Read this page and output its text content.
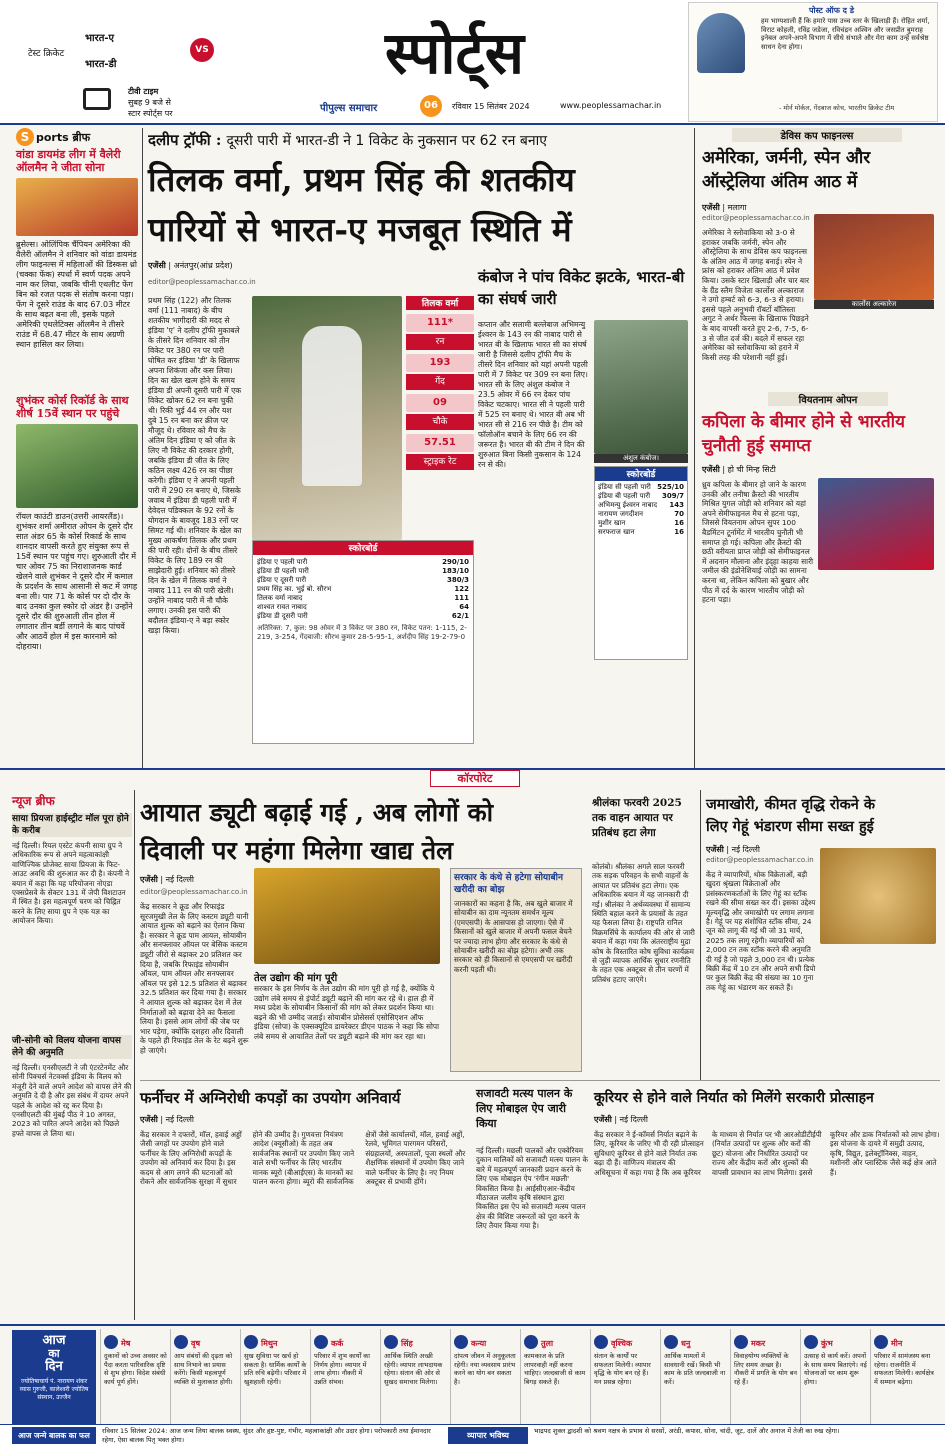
टेस्ट क्रिकेट
भारत-ए
भारत-डी
VS
टीवी टाइम
सुबह 9 बजे से
स्टार स्पोर्ट्स पर
स्पोर्ट्स
पीपुल्स समाचार	06	रविवार 15 सितंबर 2024	www.peoplessamachar.in
पोस्ट ऑफ द डे
हम भाग्यशाली हैं कि हमारे पास उच्च स्तर के खिलाड़ी हैं। रोहित शर्मा, विराट कोहली, रविंद्र जडेजा, रविचंद्रन अश्विन और जसप्रीत बुमराह इनेबल अपने-अपने विभाग में सीधे संभाले और मेरा काम उन्हें सर्वश्रेष्ठ साधन देना होगा।
- मोर्न मोर्कल, गेंदबाज कोच, भारतीय क्रिकेट टीम
S ports ब्रीफ
वांडा डायमंड लीग में वैलेरी ऑलमैन ने जीता सोना
ब्रुसेल्स। ओलिंपिक चैंपियन अमेरिका की वैलेरी ऑलमैन ने शनिवार को वांडा डायमंड लीग फाइनल्स में महिलाओं की डिस्कस थ्रो (चक्का फेंक) स्पर्धा में स्वर्ण पदक अपने नाम कर लिया, जबकि चीनी एथलीट फेंग बिन को रजत पदक से संतोष करना पड़ा। फेंग ने दूसरे राउंड के बाद 67.03 मीटर के साथ बढ़त बना ली, इसके पहले अमेरिकी एथलेटिक्स ऑलमैन ने तीसरे राउंड में 68.47 मीटर के साथ अग्रणी स्थान हासिल कर लिया।
शुभंकर कोर्स रिकॉर्ड के साथ शीर्ष 15वें स्थान पर पहुंचे
रॉयल काउंटी डाउन(उत्तरी आयरलैंड)। शुभंकर शर्मा अमीरात ओपन के दूसरे दौर सात अंडर 65 के कोर्स रिकार्ड के साथ शानदार वापसी करते हुए संयुक्त रूप से 15वें स्थान पर पहुंच गए। शुरुआती दौर में चार ओवर 75 का निराशाजनक कार्ड खेलने वाले शुभंकर ने दूसरे दौर में कमाल के प्रदर्शन के साथ आसानी से कट में जगह बना ली। पार 71 के कोर्स पर दो दौर के बाद उनका कुल स्कोर दो अंडर है। उन्होंने दूसरे दौर की शुरुआती तीन होल में लगातार तीन बर्डी लगाने के बाद पांचवें और आठवें होल में इस कारनामे को दोहराया।
दलीप ट्रॉफी : दूसरी पारी में भारत-डी ने 1 विकेट के नुकसान पर 62 रन बनाए
तिलक वर्मा, प्रथम सिंह की शतकीय
पारियों से भारत-ए मजबूत स्थिति में
एजेंसी | अनंतपुर(आंध्र प्रदेश)
editor@peoplessamachar.co.in
प्रथम सिंह (122) और तिलक वर्मा (111 नाबाद) के बीच शतकीय भागीदारी की मदद से इंडिया 'ए' ने दलीप ट्रॉफी मुकाबले के तीसरे दिन शनिवार को तीन विकेट पर 380 रन पर पारी घोषित कर इंडिया 'डी' के खिलाफ अपना शिकंजा और कस लिया। दिन का खेल खत्म होने के समय इंडिया डी अपनी दूसरी पारी में एक विकेट खोकर 62 रन बना चुकी थी। रिकी भुई 44 रन और यश दुबे 15 रन बना कर क्रीज पर मौजूद थे। रविवार को मैच के अंतिम दिन इंडिया ए को जीत के लिए नौ विकेट की दरकार होगी, जबकि इंडिया डी जीत के लिए कठिन लक्ष्य 426 रन का पीछा करेगी। इंडिया ए ने अपनी पहली पारी में 290 रन बनाए थे, जिसके जवाब में इंडिया डी पहली पारी में देवेदत्त पडिक्कल के 92 रनों के योगदान के बावजूद 183 रनों पर सिमट गई थी। शनिवार के खेल का मुख्य आकर्षण तिलक और प्रथम की पारी रही। दोनों के बीच तीसरे विकेट के लिए 189 रन की साझेदारी हुई। शनिवार को तीसरे दिन के खेल में तिलक वर्मा ने नाबाद 111 रन की पारी खेली। उन्होंने नाबाद पारी में नौ चौके लगाए। उनकी इस पारी की बदौलत इंडिया-ए ने बड़ा स्कोर खड़ा किया।
तिलक वर्मा
111*
रन
193
गेंद
09
चौके
57.51
स्ट्राइक रेट
स्कोरबोर्ड
इंडिया ए पहली पारी	290/10
इंडिया डी पहली पारी	183/10
इंडिया ए दूसरी पारी	380/3
प्रथम सिंह का. भुई बो. सौरभ	122
तिलक वर्मा नाबाद	111
शाश्वत रावत नाबाद	64
इंडिया डी दूसरी पारी	62/1
अतिरिक्त: 7, कुल: 98 ओवर में 3 विकेट पर 380 रन, विकेट पतन: 1-115, 2-219, 3-254, गेंदबाजी: सौरभ कुमार 28-5-95-1, अर्शदीप सिंह 19-2-79-0
कंबोज ने पांच विकेट झटके, भारत-बी का संघर्ष जारी
कप्तान और सलामी बल्लेबाज अभिमन्यु ईश्वरन के 143 रन की नाबाद पारी से भारत बी के खिलाफ भारत सी का संघर्ष जारी है जिससे दलीप ट्रॉफी मैच के तीसरे दिन शनिवार को यहां अपनी पहली पारी में 7 विकेट पर 309 रन बना लिए। भारत सी के लिए अंशुल कंबोज ने 23.5 ओवर में 66 रन देकर पांच विकेट चटकाए। भारत सी ने पहली पारी में 525 रन बनाए थे। भारत बी अब भी भारत सी से 216 रन पीछे है। टीम को फॉलोऑन बचाने के लिए 66 रन की जरूरत है। भारत बी की टीम ने दिन की शुरुआत बिना किसी नुकसान के 124 रन से की।
अंशुल कंबोज।
स्कोरबोर्ड
इंडिया सी पहली पारी 525/10
इंडिया बी पहली पारी 309/7
अभिमन्यु ईश्वरन नाबाद 143
नारायण जगदीशन	70
मुशीर खान	16
सरफराज खान	16
डेविस कप फाइनल्स
अमेरिका, जर्मनी, स्पेन और ऑस्ट्रेलिया अंतिम आठ में
एजेंसी | मलागा
editor@peoplessamachar.co.in
अमेरिका ने स्लोवाकिया को 3-0 से हराकर जबकि जर्मनी, स्पेन और ऑस्ट्रेलिया के साथ डेविस कप फाइनल्स के अंतिम आठ में जगह बनाई। स्पेन ने फ्रांस को हराकर अंतिम आठ में प्रवेश किया। उसके स्टार खिलाड़ी और चार बार के ग्रैंड स्लैम विजेता कार्लोस अल्काराज ने उगो हम्बर्ट को 6-3, 6-3 से हराया। इससे पहले अनुभवी रॉबर्टो बॉतिस्ता अगुट ने अर्थर फिल्स के खिलाफ पिछड़ने के बाद वापसी करते हुए 2-6, 7-5, 6-3 से जीत दर्ज की। बदले में सफल रहा अमेरिका को स्लोवाकिया को हराने में किसी तरह की परेशानी नहीं हुई।
कार्लोस अल्कारेज
वियतनाम ओपन
कपिला के बीमार होने से भारतीय चुनौती हुई समाप्त
एजेंसी | हो ची मिन्ह सिटी
ध्रुव कपिला के बीमार हो जाने के कारण उनकी और तनीषा क्रैस्टो की भारतीय मिश्रित युगल जोड़ी को शनिवार को यहां अपने सेमीफाइनल मैच से हटना पड़ा, जिससे वियतनाम ओपन सुपर 100 बैडमिंटन टूर्नामेंट में भारतीय चुनौती भी समाप्त हो गई। कपिला और क्रैस्टो की छठी वरीयता प्राप्त जोड़ी को सेमीफाइनल में अदनान मौलाना और इंद्हा काहया सारी जमील की इंडोनेशियाई जोड़ी का सामना करना था, लेकिन कपिला को बुखार और पीठ में दर्द के कारण भारतीय जोड़ी को हटना पड़ा।
कॉरपोरेट
न्यूज ब्रीफ
साया प्रियजा हाईस्ट्रीट मॉल पूरा होने के करीब
नई दिल्ली। रियल एस्टेट कंपनी साया ग्रुप ने अधिकारिक रूप से अपने महत्वाकांक्षी वाणिज्यिक प्रोजेक्ट साया प्रियजा के फिट-आउट अवधि की शुरुआत कर दी है। कंपनी ने बयान में कहा कि यह परियोजना नोएडा एक्सप्रेसवे के सेक्टर 131 में जेपी विशटाउन में स्थित है। इस महत्वपूर्ण चरण को चिह्नित करने के लिए साया ग्रुप ने एक यज्ञ का आयोजन किया।
जी-सोनी को विलय योजना वापस लेने की अनुमति
नई दिल्ली। एनसीएलटी ने जी एंटरटेनमेंट और सोनी पिक्चर्स नेटवर्क्स इंडिया के विलय को मंजूरी देने वाले अपने आदेश को वापस लेने की अनुमति दे दी है और इस संबंध में दायर अपने पहले के आदेश को रद्द कर दिया है। एनसीएलटी की मुंबई पीठ ने 10 अगस्त, 2023 को पारित अपने आदेश को पिछले हफ्ते वापस ले लिया था।
आयात ड्यूटी बढ़ाई गई , अब लोगों को
दिवाली पर महंगा मिलेगा खाद्य तेल
एजेंसी | नई दिल्ली
editor@peoplessamachar.co.in
केंद्र सरकार ने क्रूड और रिफाइंड सूरजमुखी तेल के लिए कस्टम ड्यूटी यानी आयात शुल्क को बढ़ाने का ऐलान किया है। सरकार ने क्रूड पाम आयल, सोयाबीन और सनफ्लावर ऑयल पर बेसिक कस्टम ड्यूटी जीरो से बढ़ाकर 20 प्रतिशत कर दिया है, जबकि रिफाइंड सोयाबीन ऑयल, पाम ऑयल और सनफ्लावर ऑयल पर इसे 12.5 प्रतिशत से बढ़ाकर 32.5 प्रतिशत कर दिया गया है। सरकार ने आयात शुल्क को बढ़ाकर देश में तेल निर्माताओं को बढ़ावा देने का फैसला लिया है। इससे आम लोगों की जेब पर भार पड़ेगा, क्योंकि दशहरा और दिवाली के पहले ही रिफाइंड तेल के रेट बढ़ने शुरू हो जाएंगे।
तेल उद्योग की मांग पूरी
सरकार के इस निर्णय के तेल उद्योग की मांग पूरी हो गई है, क्योंकि ये उद्योग लंबे समय से इंपोर्ट ड्यूटी बढ़ाने की मांग कर रहे थे। हाल ही में मध्य प्रदेश के सोयाबीन किसानों की मांग को लेकर प्रदर्शन किया था। बढ़ने की भी उम्मीद जताई। सोयाबीन प्रोसेसर्स एसोसिएशन ऑफ इंडिया (सोपा) के एक्सक्यूटिव डायरेक्टर डीएन पाठक ने कहा कि सोपा लंबे समय से आयातित तेलों पर ड्यूटी बढ़ाने की मांग कर रहा था।
सरकार के कंधे से हटेगा सोयाबीन खरीदी का बोझ
जानकारों का कहना है कि, अब खुले बाजार में सोयाबीन का दाम न्यूनतम समर्थन मूल्य (एमएसपी) के आसपास हो जाएगा। ऐसे में किसानों को खुले बाजार में अपनी फसल बेचने पर ज्यादा लाभ होगा और सरकार के कंधे से सोयाबीन खरीदी का बोझ हटेगा। अभी तक सरकार को ही किसानों से एमएसपी पर खरीदी करनी पड़ती थी।
श्रीलंका फरवरी 2025 तक वाहन आयात पर प्रतिबंध हटा लेगा
कोलंबो। श्रीलंका अगले साल फरवरी तक सड़क परिवहन के सभी वाहनों के आयात पर प्रतिबंध हटा लेगा। एक अधिकारिक बयान में यह जानकारी दी गई। श्रीलंका ने अर्थव्यवस्था में सामान्य स्थिति बहाल करने के प्रयासों के तहत यह फैसला लिया है। राष्ट्रपति रानिल विक्रमसिंघे के कार्यालय की ओर से जारी बयान में कहा गया कि अंतरराष्ट्रीय मुद्रा कोष के विस्तारित कोष सुविधा कार्यक्रम से जुड़ी व्यापक आर्थिक सुधार रणनीति के तहत एक अक्टूबर से तीन चरणों में प्रतिबंध हटाए जाएंगे।
जमाखोरी, कीमत वृद्धि रोकने के
लिए गेहूं भंडारण सीमा सख्त हुई
एजेंसी | नई दिल्ली
editor@peoplessamachar.co.in
केंद्र ने व्यापारियों, थोक विक्रेताओं, बड़ी खुदरा श्रृंखला विक्रेताओं और प्रसंस्करणकर्ताओं के लिए गेहूं का स्टॉक रखने की सीमा सख्त कर दी। इसका उद्देश्य मूल्यवृद्धि और जमाखोरी पर लगाम लगाना है। गेहूं पर यह संशोधित स्टॉक सीमा, 24 जून को लागू की गई थी जो 31 मार्च, 2025 तक लागू रहेगी। व्यापारियों को 2,000 टन तक स्टॉक करने की अनुमति दी गई है जो पहले 3,000 टन थी। प्रत्येक बिक्री केंद्र में 10 टन और अपने सभी डिपो पर कुल बिक्री केंद्र की संख्या का 10 गुना तक गेहूं का भंडारण कर सकते हैं।
फर्नीचर में अग्निरोधी कपड़ों का उपयोग अनिवार्य
एजेंसी | नई दिल्ली
केंद्र सरकार ने दफ्तरों, मॉल, हवाई अड्डों जैसी जगहों पर उपयोग होने वाले फर्नीचर के लिए अग्निरोधी कपड़ों के उपयोग को अनिवार्य कर दिया है। इस कदम से आग लगने की घटनाओं को रोकने और सार्वजनिक सुरक्षा में सुधार होने की उम्मीद है। गुणवत्ता नियंत्रण आदेश (क्यूसीओ) के तहत अब सार्वजनिक स्थानों पर उपयोग किए जाने वाले सभी फर्नीचर के लिए भारतीय मानक ब्यूरो (बीआईएस) के मानकों का पालन करना होगा। ब्यूरो की सार्वजनिक क्षेत्रों जैसे कार्यालयों, मॉल, हवाई अड्डों, रेलवे, भूमिगत पारगमन परिसरों, संग्रहालयों, अस्पतालों, पूजा स्थलों और शैक्षणिक संस्थानों में उपयोग किए जाने वाले फर्नीचर के लिए है। नए नियम अक्टूबर से प्रभावी होंगे।
सजावटी मत्स्य पालन के लिए मोबाइल ऐप जारी किया
नई दिल्ली। मछली पालकों और एक्वेरियम दुकान मालिकों को सजावटी मत्स्य पालन के बारे में महत्वपूर्ण जानकारी प्रदान करने के लिए एक मोबाइल ऐप 'रंगीन मछली' विकसित किया है। आईसीएआर-केंद्रीय मीठाजल जलीय कृषि संस्थान द्वारा विकसित इस ऐप को सजावटी मत्स्य पालन क्षेत्र की विशिष्ट जरूरतों को पूरा करने के लिए तैयार किया गया है।
कूरियर से होने वाले निर्यात को मिलेंगे सरकारी प्रोत्साहन
एजेंसी | नई दिल्ली
केंद्र सरकार ने ई-कॉमर्स निर्यात बढ़ाने के लिए, कूरियर के जरिए भी दी रही प्रोत्साहन सुविधाएं कूरियर से होने वाले निर्यात तक बढ़ा दी हैं। वाणिज्य मंत्रालय की अधिसूचना में कहा गया है कि अब कूरियर के माध्यम से निर्यात पर भी आरओडीटीईपी (निर्यात उत्पादों पर शुल्क और करों की छूट) योजना और निर्धारित उत्पादों पर राज्य और केंद्रीय करों और शुल्कों की वापसी प्रावधान का लाभ मिलेगा। इससे कूरियर और डाक निर्यातकों को लाभ होगा। इस योजना के दायरे में समुद्री उत्पाद, कृषि, विद्युत, इलेक्ट्रॉनिक्स, वाहन, मशीनरी और प्लास्टिक जैसे कई क्षेत्र आते हैं।
आज
का
दिन
ज्योतिषाचार्य पं. नारायण शंकर व्यास गुरुजी, कालेश्वरी ज्योतिष संस्थान, उज्जैन
मेष
दुकानों को उच्च अवसर को पैदा करता पारिवारिक दृष्टि से शुभ होगा। विदेश संबंधी कार्य पूर्ण होंगे।
वृष
आप संबंधों की दृढ़ता को साथ निभाने का प्रयास करेंगे। किसी महत्वपूर्ण व्यक्ति से मुलाकात होगी।
मिथुन
सुख सुविधा पर खर्च हो सकता है। धार्मिक कार्यों के प्रति रुचि बढ़ेगी। परिवार में खुशहाली रहेगी।
कर्क
परिवार में शुभ कार्यों का निर्णय होगा। व्यापार में लाभ होगा। नौकरी में उन्नति संभव।
सिंह
आर्थिक स्थिति अच्छी रहेगी। व्यापार लाभदायक रहेगा। संतान की ओर से सुखद समाचार मिलेगा।
कन्या
दांपत्य जीवन में अनुकूलता रहेगी। नया व्यवसाय प्रारंभ करने का योग बन सकता है।
तुला
कामकाज के प्रति लापरवाही नहीं करना चाहिए। जल्दबाजी से काम बिगड़ सकते हैं।
वृश्चिक
संतान के कार्यों पर सफलता मिलेगी। व्यापार वृद्धि के योग बन रहे हैं। मन प्रसन्न रहेगा।
धनु
आर्थिक मामलों में सावधानी रखें। किसी भी काम के प्रति जल्दबाजी ना करें।
मकर
विवाहयोग्य व्यक्तियों के लिए समय अच्छा है। नौकरी में प्रगति के योग बन रहे हैं।
कुंभ
उत्साह से कार्य करें। अपनों के साथ समय बिताएंगे। नई योजनाओं पर काम शुरू होगा।
मीन
परिवार में सामंजस्य बना रहेगा। राजनीति में सफलता मिलेगी। कार्यक्षेत्र में सम्मान बढ़ेगा।
आज जन्मे बालक का फल	रविवार 15 सितंबर 2024: आज जन्म लिया बालक स्वस्थ, सुंदर और हृष्ट-पुष्ट, गंभीर, महत्वाकांक्षी और उदार होगा। परोपकारी तथा ईमानदार रहेगा, ऐसा बालक पितृ भक्त होगा।	व्यापार भविष्य	भाद्रपद शुक्ल द्वादशी को श्रवण नक्षत्र के प्रभाव से सरसों, अरंडी, कपास, सोना, चांदी, जूट, दालें और अनाज में तेजी का रुख रहेगा।
